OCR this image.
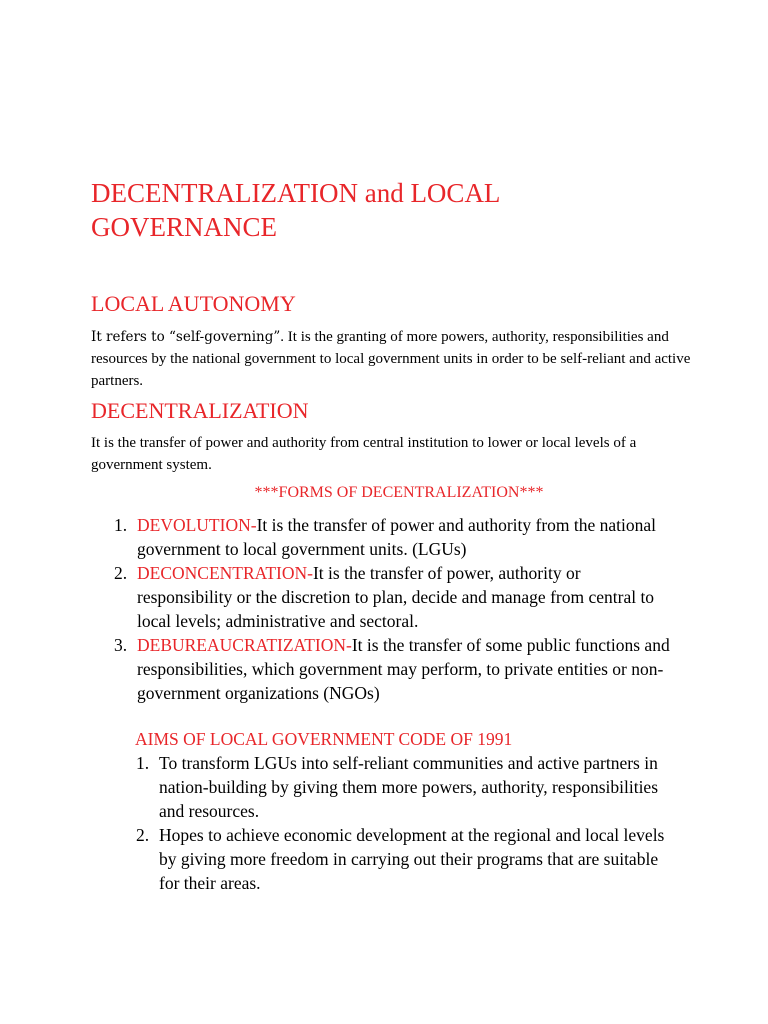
DECENTRALIZATION and LOCAL GOVERNANCE
LOCAL AUTONOMY

It refers to “self-governing”. It is the granting of more powers, authority, responsibilities and resources by the national government to local government units in order to be self-reliant and active partners.

DECENTRALIZATION

It is the transfer of power and authority from central institution to lower or local levels of a government system.

***FORMS OF DECENTRALIZATION***

1. DEVOLUTION-It is the transfer of power and authority from the national government to local government units. (LGUs)
2. DECONCENTRATION-It is the transfer of power, authority or responsibility or the discretion to plan, decide and manage from central to local levels; administrative and sectoral.
3. DEBUREAUCRATIZATION-It is the transfer of some public functions and responsibilities, which government may perform, to private entities or non-government organizations (NGOs)

AIMS OF LOCAL GOVERNMENT CODE OF 1991

1. To transform LGUs into self-reliant communities and active partners in nation-building by giving them more powers, authority, responsibilities and resources.
2. Hopes to achieve economic development at the regional and local levels by giving more freedom in carrying out their programs that are suitable for their areas.
